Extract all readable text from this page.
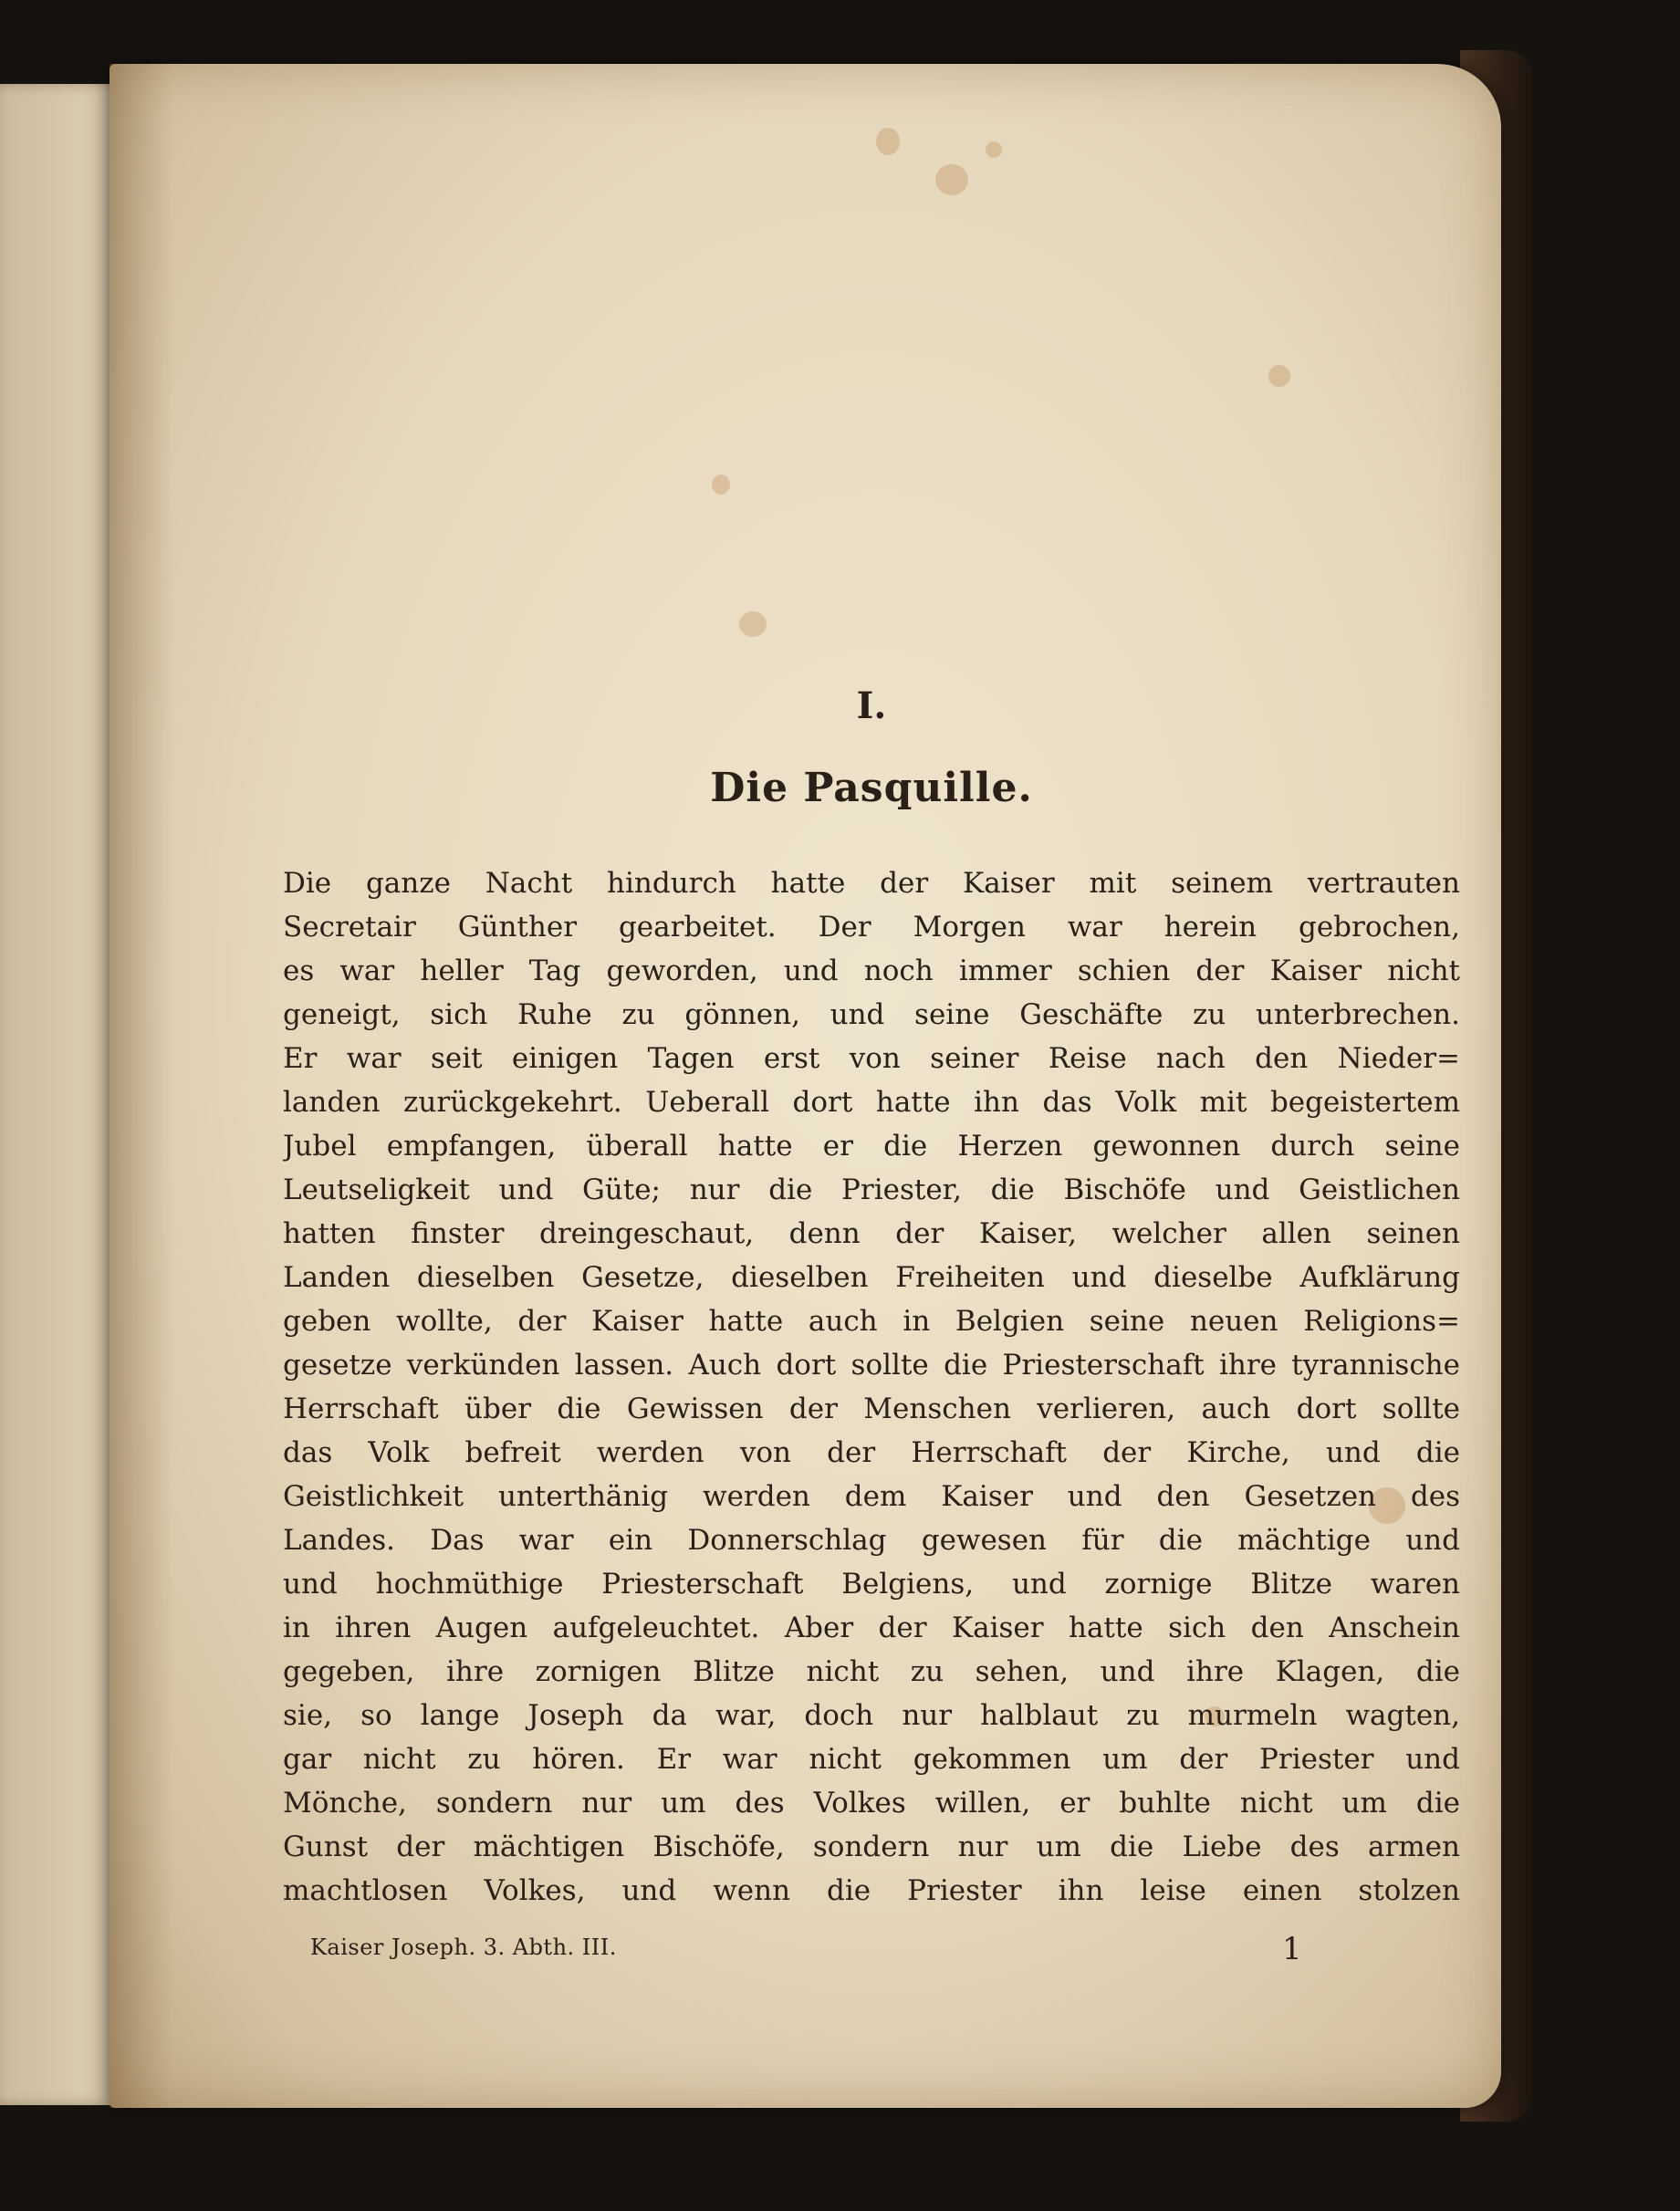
I.
Die Pasquille.
Die ganze Nacht hindurch hatte der Kaiser mit seinem vertrauten
Secretair Günther gearbeitet. Der Morgen war herein gebrochen,
es war heller Tag geworden, und noch immer schien der Kaiser nicht
geneigt, sich Ruhe zu gönnen, und seine Geschäfte zu unterbrechen.
Er war seit einigen Tagen erst von seiner Reise nach den Nieder=
landen zurückgekehrt. Ueberall dort hatte ihn das Volk mit begeistertem
Jubel empfangen, überall hatte er die Herzen gewonnen durch seine
Leutseligkeit und Güte; nur die Priester, die Bischöfe und Geistlichen
hatten finster dreingeschaut, denn der Kaiser, welcher allen seinen
Landen dieselben Gesetze, dieselben Freiheiten und dieselbe Aufklärung
geben wollte, der Kaiser hatte auch in Belgien seine neuen Religions=
gesetze verkünden lassen. Auch dort sollte die Priesterschaft ihre tyrannische
Herrschaft über die Gewissen der Menschen verlieren, auch dort sollte
das Volk befreit werden von der Herrschaft der Kirche, und die
Geistlichkeit unterthänig werden dem Kaiser und den Gesetzen des
Landes. Das war ein Donnerschlag gewesen für die mächtige und
und hochmüthige Priesterschaft Belgiens, und zornige Blitze waren
in ihren Augen aufgeleuchtet. Aber der Kaiser hatte sich den Anschein
gegeben, ihre zornigen Blitze nicht zu sehen, und ihre Klagen, die
sie, so lange Joseph da war, doch nur halblaut zu murmeln wagten,
gar nicht zu hören. Er war nicht gekommen um der Priester und
Mönche, sondern nur um des Volkes willen, er buhlte nicht um die
Gunst der mächtigen Bischöfe, sondern nur um die Liebe des armen
machtlosen Volkes, und wenn die Priester ihn leise einen stolzen
Kaiser Joseph. 3. Abth. III.	1
